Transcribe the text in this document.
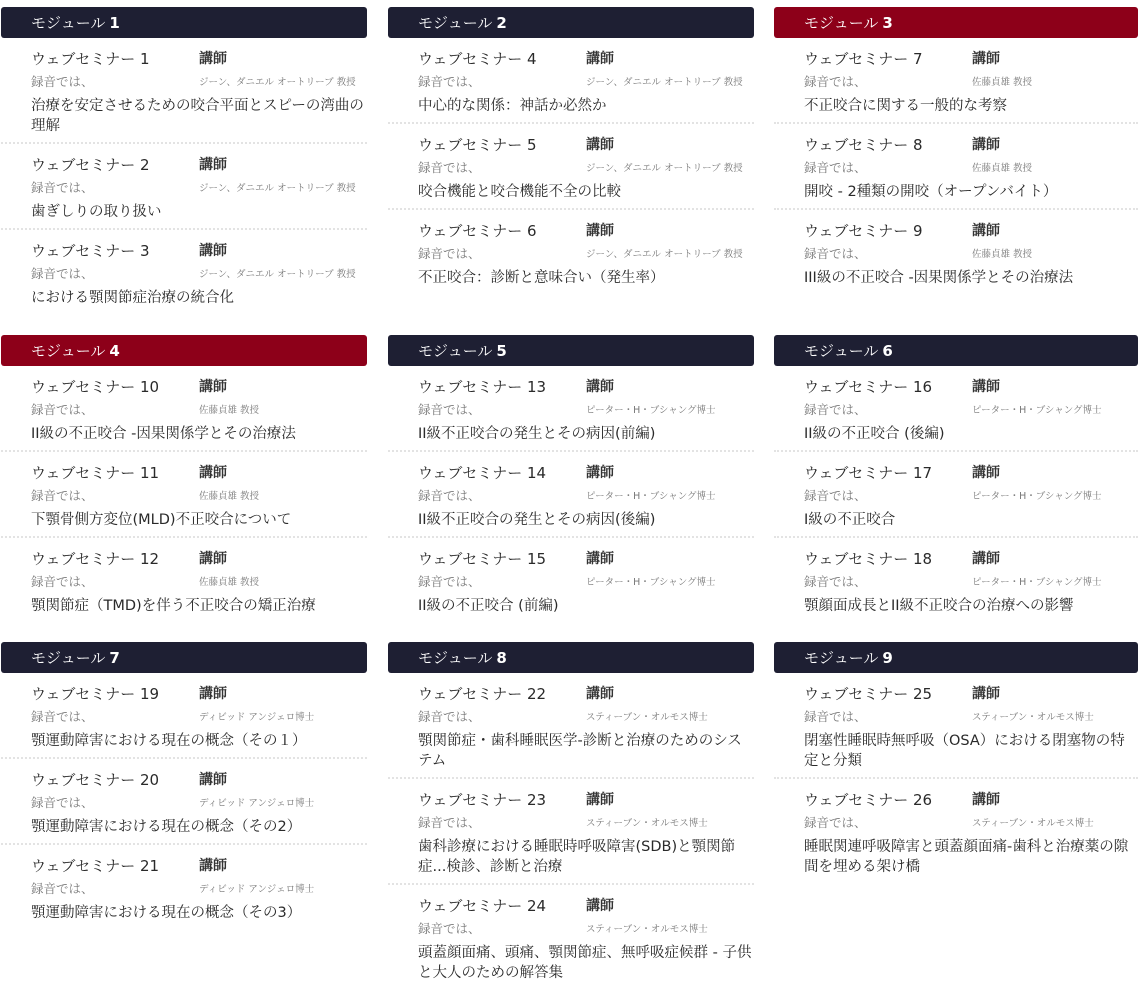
モジュール 1
ウェブセミナー 1	講師
録音では、	ジーン、ダニエル オートリーブ 教授
治療を安定させるための咬合平面とスピーの湾曲の理解
ウェブセミナー 2	講師
録音では、	ジーン、ダニエル オートリーブ 教授
歯ぎしりの取り扱い
ウェブセミナー 3	講師
録音では、	ジーン、ダニエル オートリーブ 教授
における顎関節症治療の統合化
モジュール 2
ウェブセミナー 4	講師
録音では、	ジーン、ダニエル オートリーブ 教授
中心的な関係：神話か必然か
ウェブセミナー 5	講師
録音では、	ジーン、ダニエル オートリーブ 教授
咬合機能と咬合機能不全の比較
ウェブセミナー 6	講師
録音では、	ジーン、ダニエル オートリーブ 教授
不正咬合：診断と意味合い（発生率）
モジュール 3
ウェブセミナー 7	講師
録音では、	佐藤貞雄 教授
不正咬合に関する一般的な考察
ウェブセミナー 8	講師
録音では、	佐藤貞雄 教授
開咬 - 2種類の開咬（オープンバイト）
ウェブセミナー 9	講師
録音では、	佐藤貞雄 教授
III級の不正咬合 -因果関係学とその治療法
モジュール 4
ウェブセミナー 10	講師
録音では、	佐藤貞雄 教授
II級の不正咬合 -因果関係学とその治療法
ウェブセミナー 11	講師
録音では、	佐藤貞雄 教授
下顎骨側方変位(MLD)不正咬合について
ウェブセミナー 12	講師
録音では、	佐藤貞雄 教授
顎関節症（TMD)を伴う不正咬合の矯正治療
モジュール 5
ウェブセミナー 13	講師
録音では、	ピーター・H・ブシャング博士
II級不正咬合の発生とその病因(前編)
ウェブセミナー 14	講師
録音では、	ピーター・H・ブシャング博士
II級不正咬合の発生とその病因(後編)
ウェブセミナー 15	講師
録音では、	ピーター・H・ブシャング博士
II級の不正咬合 (前編)
モジュール 6
ウェブセミナー 16	講師
録音では、	ピーター・H・ブシャング博士
II級の不正咬合 (後編)
ウェブセミナー 17	講師
録音では、	ピーター・H・ブシャング博士
I級の不正咬合
ウェブセミナー 18	講師
録音では、	ピーター・H・ブシャング博士
顎顔面成長とII級不正咬合の治療への影響
モジュール 7
ウェブセミナー 19	講師
録音では、	ディビッド アンジェロ博士
顎運動障害における現在の概念（その１）
ウェブセミナー 20	講師
録音では、	ディビッド アンジェロ博士
顎運動障害における現在の概念（その2）
ウェブセミナー 21	講師
録音では、	ディビッド アンジェロ博士
顎運動障害における現在の概念（その3）
モジュール 8
ウェブセミナー 22	講師
録音では、	スティーブン・オルモス博士
顎関節症・歯科睡眠医学-診断と治療のためのシステム
ウェブセミナー 23	講師
録音では、	スティーブン・オルモス博士
歯科診療における睡眠時呼吸障害(SDB)と顎関節症...検診、診断と治療
ウェブセミナー 24	講師
録音では、	スティーブン・オルモス博士
頭蓋顔面痛、頭痛、顎関節症、無呼吸症候群 - 子供と大人のための解答集
モジュール 9
ウェブセミナー 25	講師
録音では、	スティーブン・オルモス博士
閉塞性睡眠時無呼吸（OSA）における閉塞物の特定と分類
ウェブセミナー 26	講師
録音では、	スティーブン・オルモス博士
睡眠関連呼吸障害と頭蓋顔面痛-歯科と治療薬の隙間を埋める架け橋
